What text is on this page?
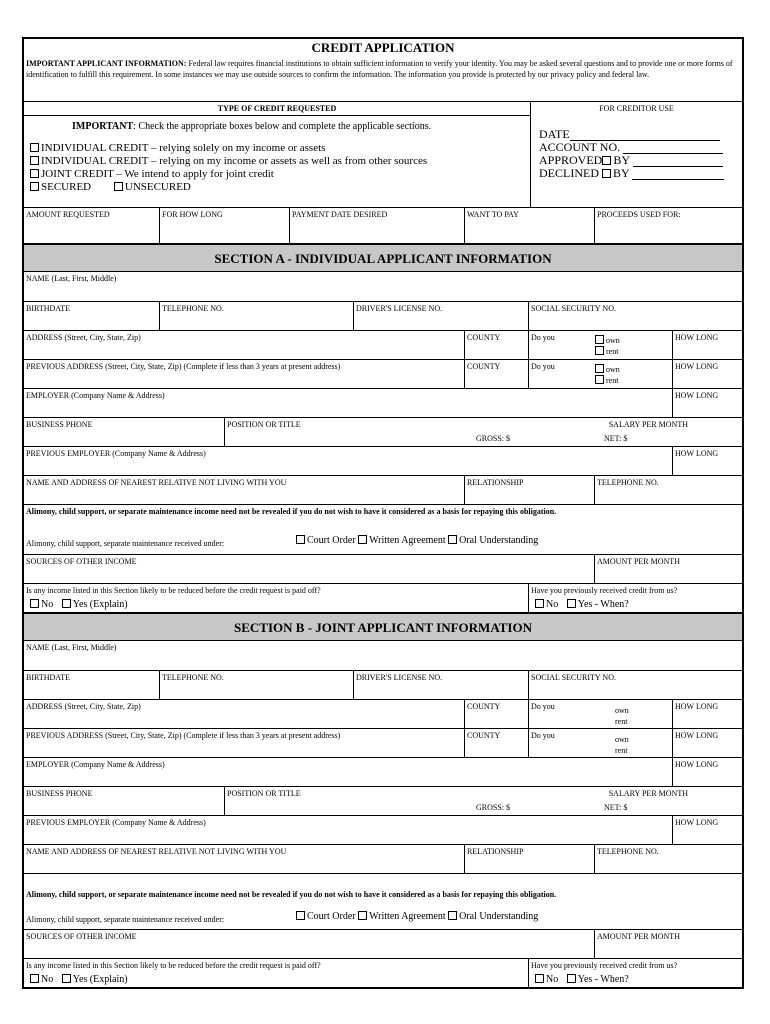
CREDIT APPLICATION
IMPORTANT APPLICANT INFORMATION: Federal law requires financial institutions to obtain sufficient information to verify your identity. You may be asked several questions and to provide one or more forms of identification to fulfill this requirement. In some instances we may use outside sources to confirm the information. The information you provide is protected by our privacy policy and federal law.
TYPE OF CREDIT REQUESTED
IMPORTANT: Check the appropriate boxes below and complete the applicable sections.
INDIVIDUAL CREDIT – relying solely on my income or assets
INDIVIDUAL CREDIT – relying on my income or assets as well as from other sources
JOINT CREDIT – We intend to apply for joint credit
SECURED	UNSECURED
FOR CREDITOR USE
DATE
ACCOUNT NO.
APPROVED BY
DECLINED BY
AMOUNT REQUESTED	FOR HOW LONG	PAYMENT DATE DESIRED	WANT TO PAY	PROCEEDS USED FOR:
SECTION A - INDIVIDUAL APPLICANT INFORMATION
NAME (Last, First, Middle)
BIRTHDATE	TELEPHONE NO.	DRIVER'S LICENSE NO.	SOCIAL SECURITY NO.
ADDRESS (Street, City, State, Zip)	COUNTY	Do you	own
rent
HOW LONG
PREVIOUS ADDRESS (Street, City, State, Zip) (Complete if less than 3 years at present address)	COUNTY	Do you	own
rent
HOW LONG
EMPLOYER (Company Name & Address)	HOW LONG
BUSINESS PHONE	POSITION OR TITLE	SALARY PER MONTH
GROSS: $	NET: $
PREVIOUS EMPLOYER (Company Name & Address)	HOW LONG
NAME AND ADDRESS OF NEAREST RELATIVE NOT LIVING WITH YOU	RELATIONSHIP	TELEPHONE NO.
Alimony, child support, or separate maintenance income need not be revealed if you do not wish to have it considered as a basis for repaying this obligation.
Alimony, child support, separate maintenance received under:	Court Order Written Agreement Oral Understanding
SOURCES OF OTHER INCOME	AMOUNT PER MONTH
Is any income listed in this Section likely to be reduced before the credit request is paid off?
No Yes (Explain)
Have you previously received credit from us?
No Yes - When?
SECTION B - JOINT APPLICANT INFORMATION
NAME (Last, First, Middle)
BIRTHDATE	TELEPHONE NO.	DRIVER'S LICENSE NO.	SOCIAL SECURITY NO.
ADDRESS (Street, City, State, Zip)	COUNTY	Do you	own
rent
HOW LONG
PREVIOUS ADDRESS (Street, City, State, Zip) (Complete if less than 3 years at present address)	COUNTY	Do you	own
rent
HOW LONG
EMPLOYER (Company Name & Address)	HOW LONG
BUSINESS PHONE	POSITION OR TITLE	SALARY PER MONTH
GROSS: $	NET: $
PREVIOUS EMPLOYER (Company Name & Address)	HOW LONG
NAME AND ADDRESS OF NEAREST RELATIVE NOT LIVING WITH YOU	RELATIONSHIP	TELEPHONE NO.
Alimony, child support, or separate maintenance income need not be revealed if you do not wish to have it considered as a basis for repaying this obligation.
Alimony, child support, separate maintenance received under:	Court Order Written Agreement Oral Understanding
SOURCES OF OTHER INCOME	AMOUNT PER MONTH
Is any income listed in this Section likely to be reduced before the credit request is paid off?
No Yes (Explain)
Have you previously received credit from us?
No Yes - When?
